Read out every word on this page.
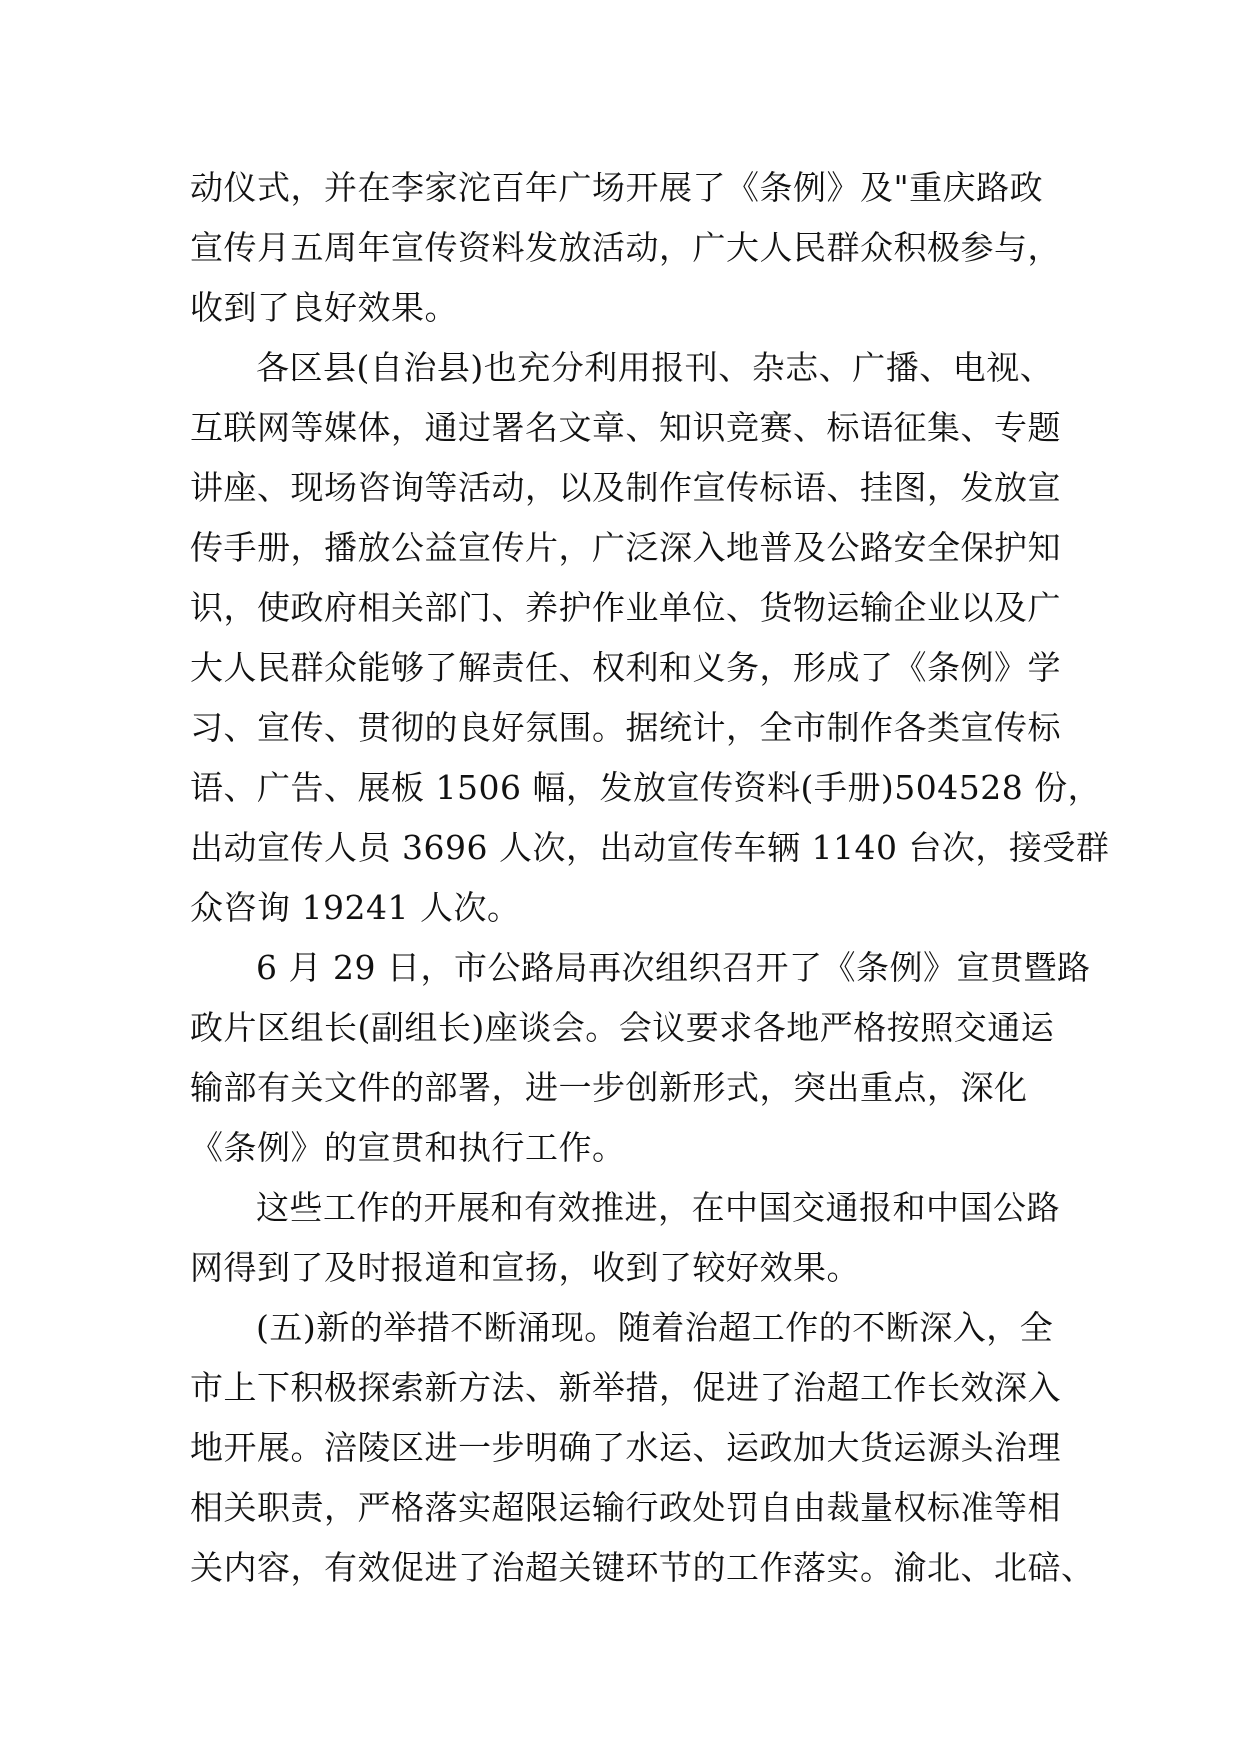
动仪式，并在李家沱百年广场开展了《条例》及"重庆路政
宣传月五周年宣传资料发放活动，广大人民群众积极参与，
收到了良好效果。
各区县(自治县)也充分利用报刊、杂志、广播、电视、
互联网等媒体，通过署名文章、知识竞赛、标语征集、专题
讲座、现场咨询等活动，以及制作宣传标语、挂图，发放宣
传手册，播放公益宣传片，广泛深入地普及公路安全保护知
识，使政府相关部门、养护作业单位、货物运输企业以及广
大人民群众能够了解责任、权利和义务，形成了《条例》学
习、宣传、贯彻的良好氛围。据统计，全市制作各类宣传标
语、广告、展板 1506 幅，发放宣传资料(手册)504528 份，
出动宣传人员 3696 人次，出动宣传车辆 1140 台次，接受群
众咨询 19241 人次。
6 月 29 日，市公路局再次组织召开了《条例》宣贯暨路
政片区组长(副组长)座谈会。会议要求各地严格按照交通运
输部有关文件的部署，进一步创新形式，突出重点，深化
《条例》的宣贯和执行工作。
这些工作的开展和有效推进，在中国交通报和中国公路
网得到了及时报道和宣扬，收到了较好效果。
(五)新的举措不断涌现。随着治超工作的不断深入，全
市上下积极探索新方法、新举措，促进了治超工作长效深入
地开展。涪陵区进一步明确了水运、运政加大货运源头治理
相关职责，严格落实超限运输行政处罚自由裁量权标准等相
关内容，有效促进了治超关键环节的工作落实。渝北、北碚、
